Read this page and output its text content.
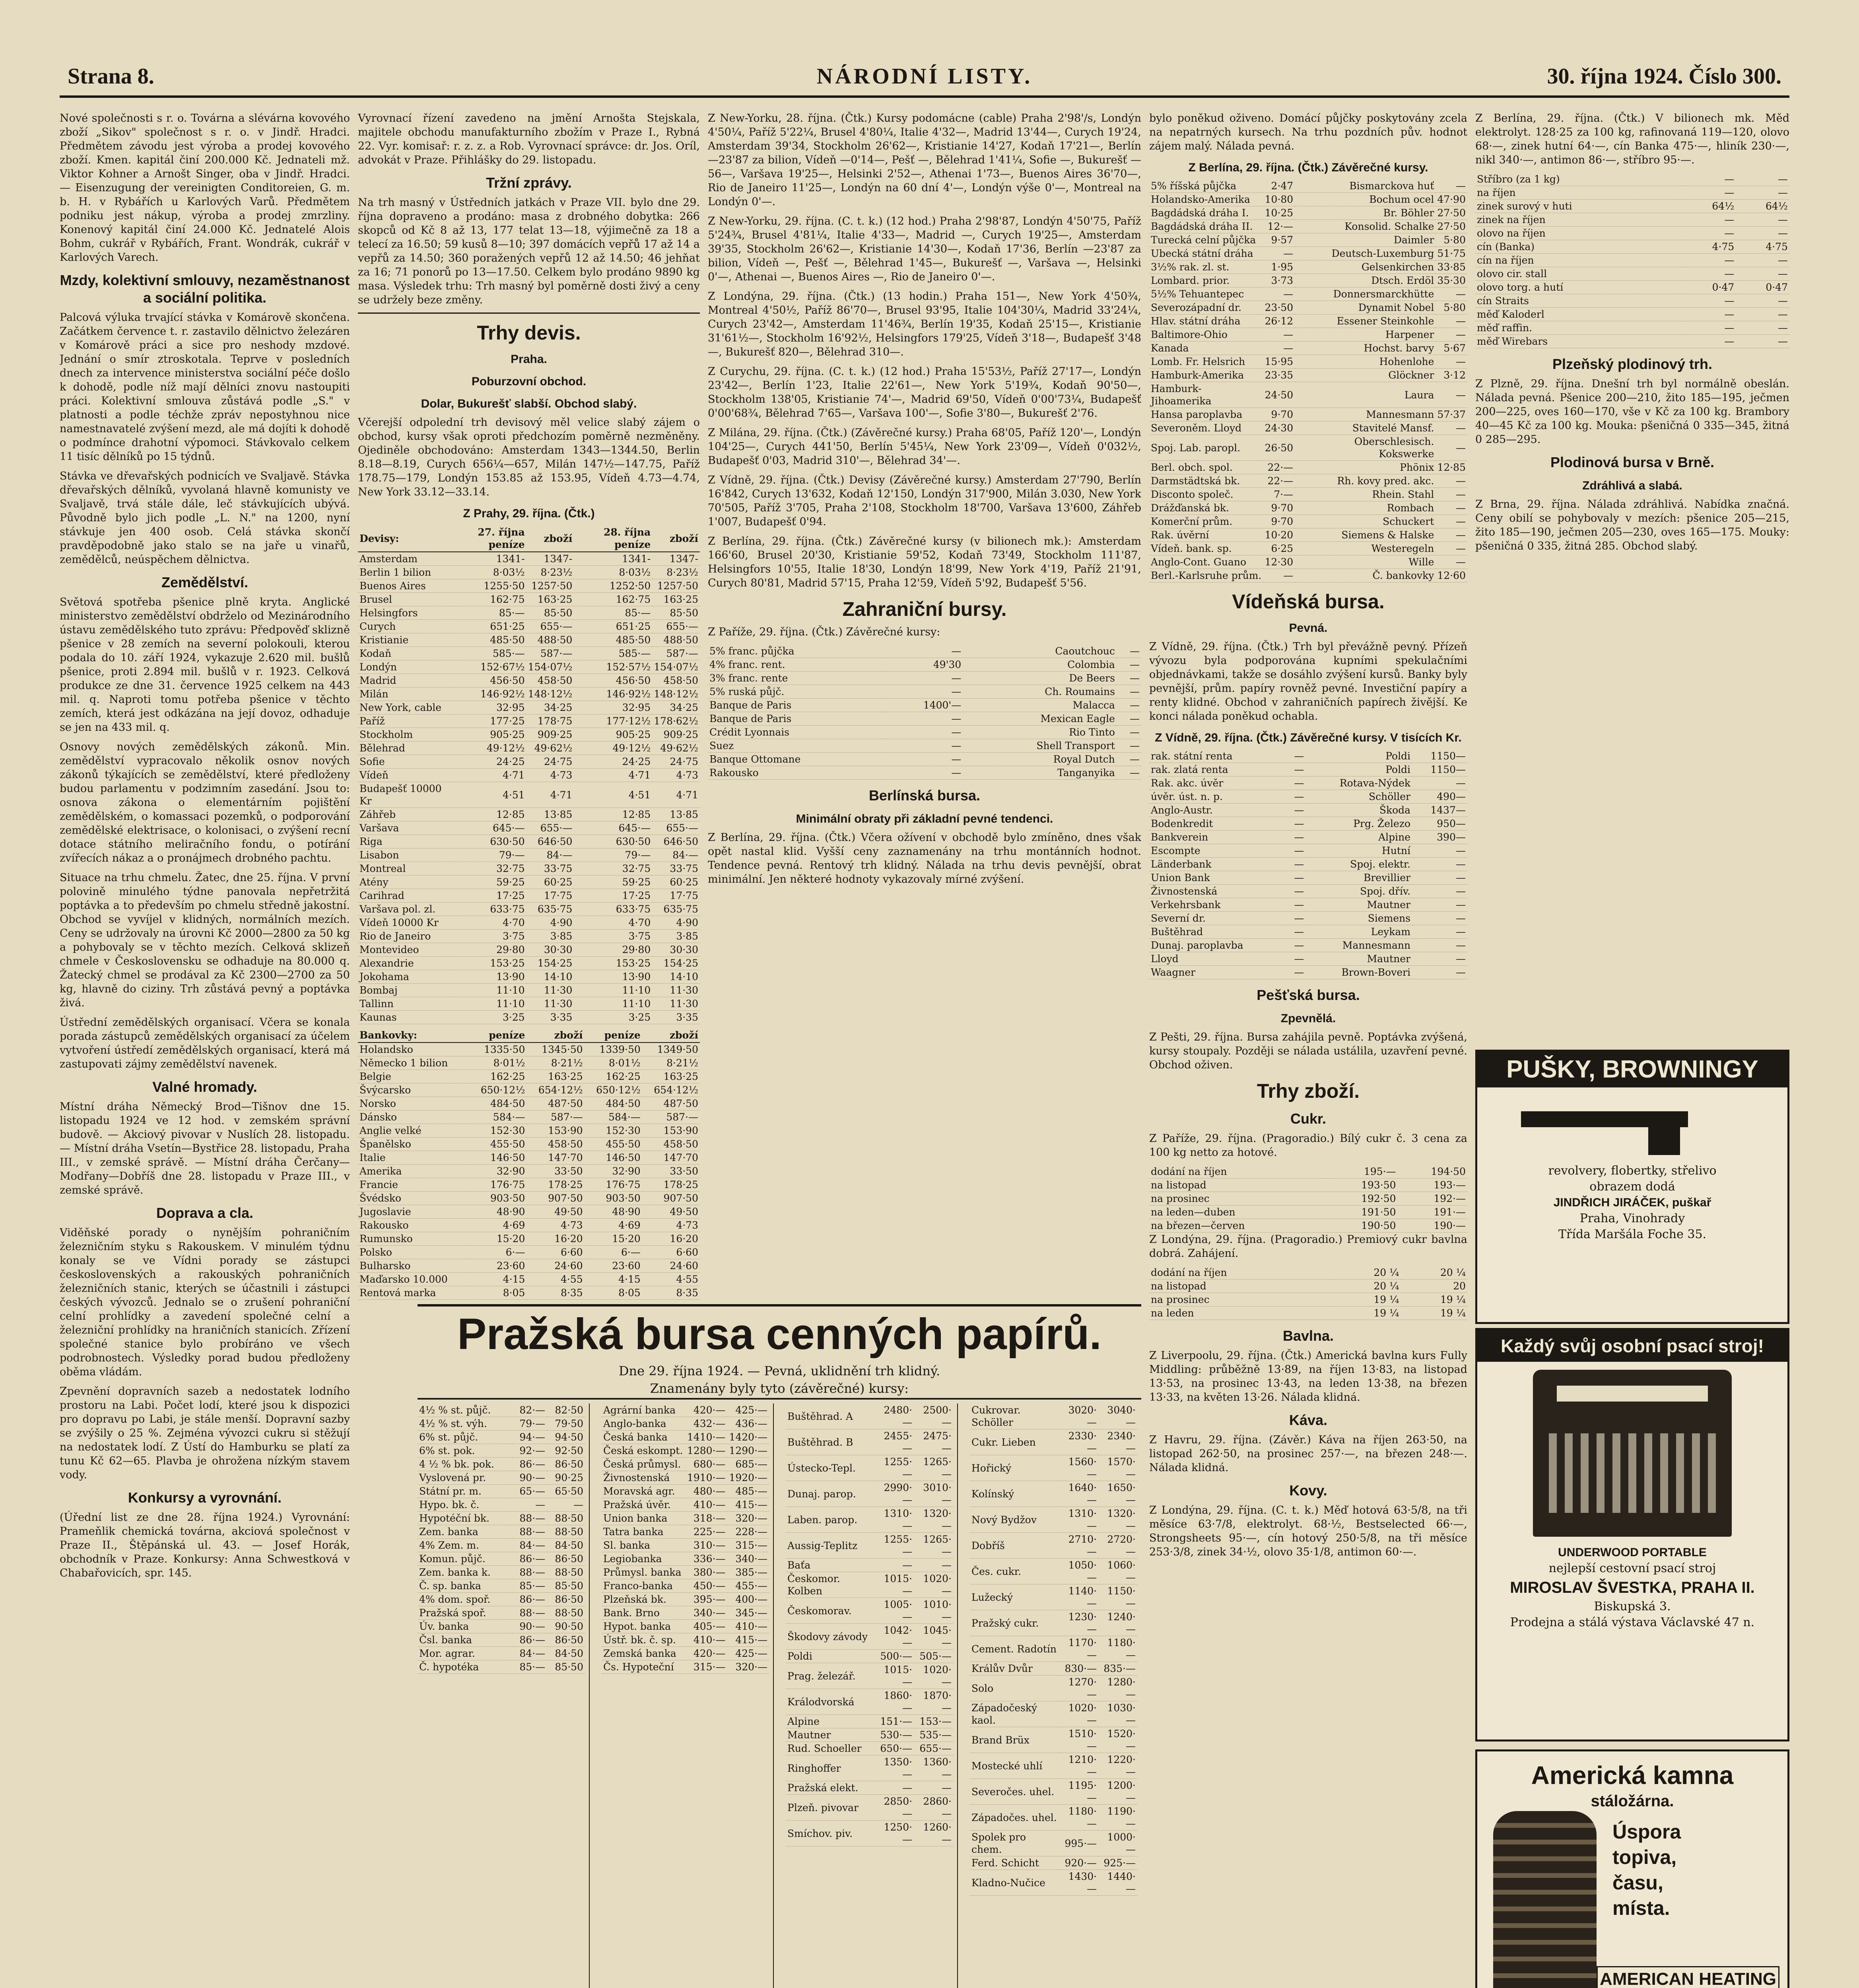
Strana 8.	NÁRODNÍ LISTY.	30. října 1924. Číslo 300.

Nové společnosti s r. o. Továrna a slévárna kovového zboží „Sikov" společnost s r. o. v Jindř. Hradci. Předmětem závodu jest výroba a prodej kovového zboží. Kmen. kapitál činí 200.000 Kč. Jednateli mž. Viktor Kohner a Arnošt Singer, oba v Jindř. Hradci. — Eisenzugung der vereinigten Conditoreien, G. m. b. H. v Rybářích u Karlových Varů. Předmětem podniku jest nákup, výroba a prodej zmrzliny. Konenový kapitál činí 24.000 Kč. Jednatelé Alois Bohm, cukrář v Rybářích, Frant. Wondrák, cukrář v Karlových Varech.

Mzdy, kolektivní smlouvy, nezaměstnanost a sociální politika.

Palcová výluka trvající stávka v Komárově skončena. Začátkem července t. r. zastavilo dělnictvo železáren v Komárově práci a sice pro neshody mzdové. Jednání o smír ztroskotala. Teprve v posledních dnech za intervence ministerstva sociální péče došlo k dohodě, podle níž mají dělníci znovu nastoupiti práci. Kolektivní smlouva zůstává podle „S." v platnosti a podle téchže zpráv nepostyhnou nice namestnavatelé zvýšení mezd, ale má dojíti k dohodě o podmínce drahotní výpomoci. Stávkovalo celkem 11 tisíc dělníků po 15 týdnů.

Stávka ve dřevařských podnicích ve Svaljavě. Stávka dřevařských dělníků, vyvolaná hlavně komunisty ve Svaljavě, trvá stále dále, leč stávkujících ubývá. Původně bylo jich podle „L. N." na 1200, nyní stávkuje jen 400 osob. Celá stávka skončí pravděpodobně jako stalo se na jaře u vinařů, zemědělců, neúspěchem dělnictva.

Zemědělství.

Světová spotřeba pšenice plně kryta. Anglické ministerstvo zemědělství obdrželo od Mezinárodního ústavu zemědělského tuto zprávu: Předpověď sklizně pšenice v 28 zemích na severní polokouli, kterou podala do 10. září 1924, vykazuje 2.620 mil. bušlů pšenice, proti 2.894 mil. bušlů v r. 1923. Celková produkce ze dne 31. července 1925 celkem na 443 mil. q. Naproti tomu potřeba pšenice v těchto zemích, která jest odkázána na její dovoz, odhaduje se jen na 433 mil. q.

Osnovy nových zemědělských zákonů. Min. zemědělství vypracovalo několik osnov nových zákonů týkajících se zemědělství, které předloženy budou parlamentu v podzimním zasedání. Jsou to: osnova zákona o elementárním pojištění zemědělském, o komassaci pozemků, o podporování zemědělské elektrisace, o kolonisaci, o zvýšení recní dotace státního meliračního fondu, o potírání zvířecích nákaz a o pronájmech drobného pachtu.

Situace na trhu chmelu. Žatec, dne 25. října. V první polovině minulého týdne panovala nepřetržitá poptávka a to především po chmelu středně jakostní. Obchod se vyvíjel v klidných, normálních mezích. Ceny se udržovaly na úrovni Kč 2000—2800 za 50 kg a pohybovaly se v těchto mezích. Celková sklizeň chmele v Československu se odhaduje na 80.000 q. Žatecký chmel se prodával za Kč 2300—2700 za 50 kg, hlavně do ciziny. Trh zůstává pevný a poptávka živá.

Ústřední zemědělských organisací. Včera se konala porada zástupců zemědělských organisací za účelem vytvoření ústředí zemědělských organisací, která má zastupovati zájmy zemědělství navenek.

Valné hromady.

Místní dráha Německý Brod—Tišnov dne 15. listopadu 1924 ve 12 hod. v zemském správní budově. — Akciový pivovar v Nuslích 28. listopadu. — Místní dráha Vsetín—Bystřice 28. listopadu, Praha III., v zemské správě. — Místní dráha Čerčany—Modřany—Dobříš dne 28. listopadu v Praze III., v zemské správě.

Doprava a cla.

Viděňské porady o nynějším pohraničním železničním styku s Rakouskem. V minulém týdnu konaly se ve Vídni porady se zástupci československých a rakouských pohraničních železničních stanic, kterých se účastnili i zástupci českých vývozců. Jednalo se o zrušení pohraniční celní prohlídky a zavedení společné celní a železniční prohlídky na hraničních stanicích. Zřízení společné stanice bylo probíráno ve všech podrobnostech. Výsledky porad budou předloženy oběma vládám.

Zpevnění dopravních sazeb a nedostatek lodního prostoru na Labi. Počet lodí, které jsou k dispozici pro dopravu po Labi, je stále menší. Dopravní sazby se zvýšily o 25 %. Zejména vývozci cukru si stěžují na nedostatek lodí. Z Ústí do Hamburku se platí za tunu Kč 62—65. Plavba je ohrožena nízkým stavem vody.

Konkursy a vyrovnání.

(Úřední list ze dne 28. října 1924.) Vyrovnání: Prameňlik chemická továrna, akciová společnost v Praze II., Štěpánská ul. 43. — Josef Horák, obchodník v Praze. Konkursy: Anna Schwestková v Chabařovicích, spr. 145.

Vyrovnací řízení zavedeno na jmění Arnošta Stejskala, majitele obchodu manufakturního zbožím v Praze I., Rybná 22. Vyr. komisař: r. z. z. a Rob. Vyrovnací správce: dr. Jos. Oríl, advokát v Praze. Přihlášky do 29. listopadu.

Tržní zprávy.

Na trh masný v Ústředních jatkách v Praze VII. bylo dne 29. října dopraveno a prodáno: masa z drobného dobytka: 266 skopců od Kč 8 až 13, 177 telat 13—18, výjimečně za 18 a telecí za 16.50; 59 kusů 8—10; 397 domácích vepřů 17 až 14 a vepřů za 14.50; 360 poražených vepřů 12 až 14.50; 46 jehňat za 16; 71 ponorů po 13—17.50. Celkem bylo prodáno 9890 kg masa. Výsledek trhu: Trh masný byl poměrně dosti živý a ceny se udržely beze změny.

Trhy devis.
Praha.
Poburzovní obchod.
Dolar, Bukurešť slabší. Obchod slabý.

Včerejší odpolední trh devisový měl velice slabý zájem o obchod, kursy však oproti předchozím poměrně nezměněny. Ojediněle obchodováno: Amsterdam 1343—1344.50, Berlin 8.18—8.19, Curych 656¼—657, Milán 147½—147.75, Paříž 178.75—179, Londýn 153.85 až 153.95, Vídeň 4.73—4.74, New York 33.12—33.14.

Z Prahy, 29. října. (Čtk.)
Devisy:	27. října peníze	zboží	28. října peníze	zboží
Amsterdam	1341-	1347-	1341-	1347-
Berlin 1 bilion	8·03½	8·23½	8·03½	8·23½
Buenos Aires	1255·50	1257·50	1252·50	1257·50
Brusel	162·75	163·25	162·75	163·25
Helsingfors	85·—	85·50	85·—	85·50
Curych	651·25	655·—	651·25	655·—
Kristianie	485·50	488·50	485·50	488·50
Kodaň	585·—	587·—	585·—	587·—
Londýn	152·67½	154·07½	152·57½	154·07½
Madrid	456·50	458·50	456·50	458·50
Milán	146·92½	148·12½	146·92½	148·12½
New York, cable	32·95	34·25	32·95	34·25
Paříž	177·25	178·75	177·12½	178·62½
Stockholm	905·25	909·25	905·25	909·25
Bělehrad	49·12½	49·62½	49·12½	49·62½
Sofie	24·25	24·75	24·25	24·75
Vídeň	4·71	4·73	4·71	4·73
Budapešť 10000 Kr	4·51	4·71	4·51	4·71
Záhřeb	12·85	13·85	12·85	13·85
Varšava	645·—	655·—	645·—	655·—
Riga	630·50	646·50	630·50	646·50
Lisabon	79·—	84·—	79·—	84·—
Montreal	32·75	33·75	32·75	33·75
Atény	59·25	60·25	59·25	60·25
Carihrad	17·25	17·75	17·25	17·75
Varšava pol. zl.	633·75	635·75	633·75	635·75
Vídeň 10000 Kr	4·70	4·90	4·70	4·90
Rio de Janeiro	3·75	3·85	3·75	3·85
Montevideo	29·80	30·30	29·80	30·30
Alexandrie	153·25	154·25	153·25	154·25
Jokohama	13·90	14·10	13·90	14·10
Bombaj	11·10	11·30	11·10	11·30
Tallinn	11·10	11·30	11·10	11·30
Kaunas	3·25	3·35	3·25	3·35
Bankovky:	peníze	zboží	peníze	zboží
Holandsko	1335·50	1345·50	1339·50	1349·50
Německo 1 bilion	8·01½	8·21½	8·01½	8·21½
Belgie	162·25	163·25	162·25	163·25
Švýcarsko	650·12½	654·12½	650·12½	654·12½
Norsko	484·50	487·50	484·50	487·50
Dánsko	584·—	587·—	584·—	587·—
Anglie velké	152·30	153·90	152·30	153·90
Španělsko	455·50	458·50	455·50	458·50
Italie	146·50	147·70	146·50	147·70
Amerika	32·90	33·50	32·90	33·50
Francie	176·75	178·25	176·75	178·25
Švédsko	903·50	907·50	903·50	907·50
Jugoslavie	48·90	49·50	48·90	49·50
Rakousko	4·69	4·73	4·69	4·73
Rumunsko	15·20	16·20	15·20	16·20
Polsko	6·—	6·60	6·—	6·60
Bulharsko	23·60	24·60	23·60	24·60
Maďarsko 10.000	4·15	4·55	4·15	4·55
Rentová marka	8·05	8·35	8·05	8·35

Z New-Yorku, 28. října. (Čtk.) Kursy podomácne (cable) Praha 2'98'/s, Londýn 4'50¼, Paříž 5'22¼, Brusel 4'80¼, Italie 4'32—, Madrid 13'44—, Curych 19'24, Amsterdam 39'34, Stockholm 26'62—, Kristianie 14'27, Kodaň 17'21—, Berlín —23'87 za bilion, Vídeň —0'14—, Pešť —, Bělehrad 1'41¼, Sofie —, Bukurešť —56—, Varšava 19'25—, Helsinki 2'52—, Athenai 1'73—, Buenos Aires 36'70—, Rio de Janeiro 11'25—, Londýn na 60 dní 4'—, Londýn výše 0'—, Montreal na Londýn 0'—.

Z New-Yorku, 29. října. (C. t. k.) (12 hod.) Praha 2'98'87, Londýn 4'50'75, Paříž 5'24¾, Brusel 4'81¼, Italie 4'33—, Madrid —, Curych 19'25—, Amsterdam 39'35, Stockholm 26'62—, Kristianie 14'30—, Kodaň 17'36, Berlín —23'87 za bilion, Vídeň —, Pešť —, Bělehrad 1'45—, Bukurešť —, Varšava —, Helsinki 0'—, Athenai —, Buenos Aires —, Rio de Janeiro 0'—.

Z Londýna, 29. října. (Čtk.) (13 hodin.) Praha 151—, New York 4'50¾, Montreal 4'50½, Paříž 86'70—, Brusel 93'95, Italie 104'30¼, Madrid 33'24¼, Curych 23'42—, Amsterdam 11'46¾, Berlín 19'35, Kodaň 25'15—, Kristianie 31'61½—, Stockholm 16'92½, Helsingfors 179'25, Vídeň 3'18—, Budapešť 3'48—, Bukurešť 820—, Bělehrad 310—.

Z Curychu, 29. října. (C. t. k.) (12 hod.) Praha 15'53½, Paříž 27'17—, Londýn 23'42—, Berlín 1'23, Italie 22'61—, New York 5'19¾, Kodaň 90'50—, Stockholm 138'05, Kristianie 74'—, Madrid 69'50, Vídeň 0'00'73¼, Budapešť 0'00'68¾, Bělehrad 7'65—, Varšava 100'—, Sofie 3'80—, Bukurešť 2'76.

Z Milána, 29. října. (Čtk.) (Závěrečné kursy.) Praha 68'05, Paříž 120'—, Londýn 104'25—, Curych 441'50, Berlín 5'45¼, New York 23'09—, Vídeň 0'032½, Budapešť 0'03, Madrid 310'—, Bělehrad 34'—.

Z Vídně, 29. října. (Čtk.) Devisy (Závěrečné kursy.) Amsterdam 27'790, Berlín 16'842, Curych 13'632, Kodaň 12'150, Londýn 317'900, Milán 3.030, New York 70'505, Paříž 3'705, Praha 2'108, Stockholm 18'700, Varšava 13'600, Záhřeb 1'007, Budapešť 0'94.

Z Berlína, 29. října. (Čtk.) Závěrečné kursy (v bilionech mk.): Amsterdam 166'60, Brusel 20'30, Kristianie 59'52, Kodaň 73'49, Stockholm 111'87, Helsingfors 10'55, Italie 18'30, Londýn 18'99, New York 4'19, Paříž 21'91, Curych 80'81, Madrid 57'15, Praha 12'59, Vídeň 5'92, Budapešť 5'56.

Zahraniční bursy.

Z Paříže, 29. října. (Čtk.) Závěrečné kursy:

5% franc. půjčka	—	Caoutchouc	—
4% franc. rent.	49'30	Colombia	—
3% franc. rente	—	De Beers	—
5% ruská půjč.	—	Ch. Roumains	—
Banque de Paris	1400'—	Malacca	—
Banque de Paris	—	Mexican Eagle	—
Crédit Lyonnais	—	Rio Tinto	—
Suez	—	Shell Transport	—
Banque Ottomane	—	Royal Dutch	—
Rakousko	—	Tanganyika	—
Berlínská bursa.
Minimální obraty při základní pevné tendenci.

Z Berlína, 29. října. (Čtk.) Včera ožívení v obchodě bylo zmíněno, dnes však opět nastal klid. Vyšší ceny zaznamenány na trhu montánních hodnot. Tendence pevná. Rentový trh klidný. Nálada na trhu devis pevnější, obrat minimální. Jen některé hodnoty vykazovaly mírné zvýšení.

Pražská bursa cenných papírů.
Dne 29. října 1924. — Pevná, uklidnění trh klidný.
Znamenány byly tyto (závěrečné) kursy:
4½ % st. půjč.	82·—	82·50
4½ % st. výh.	79·—	79·50
6% st. půjč.	94·—	94·50
6% st. pok.	92·—	92·50
4 ½ % bk. pok.	86·—	86·50
Vyslovená pr.	90·—	90·25
Státní pr. m.	65·—	65·50
Hypo. bk. č.	—	—
Hypotéční bk.	88·—	88·50
Zem. banka	88·—	88·50
4% Zem. m.	84·—	84·50
Komun. půjč.	86·—	86·50
Zem. banka k.	88·—	88·50
Č. sp. banka	85·—	85·50
4% dom. spoř.	86·—	86·50
Pražská spoř.	88·—	88·50
Úv. banka	90·—	90·50
Čsl. banka	86·—	86·50
Mor. agrar.	84·—	84·50
Č. hypotéka	85·—	85·50
Agrární banka	420·—	425·—
Anglo-banka	432·—	436·—
Česká banka	1410·—	1420·—
Česká eskompt.	1280·—	1290·—
Česká průmysl.	680·—	685·—
Živnostenská	1910·—	1920·—
Moravská agr.	480·—	485·—
Pražská úvěr.	410·—	415·—
Union banka	318·—	320·—
Tatra banka	225·—	228·—
Sl. banka	310·—	315·—
Legiobanka	336·—	340·—
Průmysl. banka	380·—	385·—
Franco-banka	450·—	455·—
Plzeňská bk.	395·—	400·—
Bank. Brno	340·—	345·—
Hypot. banka	405·—	410·—
Ústř. bk. č. sp.	410·—	415·—
Zemská banka	420·—	425·—
Čs. Hypoteční	315·—	320·—
Buštěhrad. A	2480·—	2500·—
Buštěhrad. B	2455·—	2475·—
Ústecko-Tepl.	1255·—	1265·—
Dunaj. parop.	2990·—	3010·—
Laben. parop.	1310·—	1320·—
Aussig-Teplitz	1255·—	1265·—
Baťa	—	—
Českomor. Kolben	1015·—	1020·—
Českomorav.	1005·—	1010·—
Škodovy závody	1042·—	1045·—
Poldi	500·—	505·—
Prag. železář.	1015·—	1020·—
Králodvorská	1860·—	1870·—
Alpine	151·—	153·—
Mautner	530·—	535·—
Rud. Schoeller	650·—	655·—
Ringhoffer	1350·—	1360·—
Pražská elekt.	—	—
Plzeň. pivovar	2850·—	2860·—
Smíchov. piv.	1250·—	1260·—
Cukrovar. Schöller	3020·—	3040·—
Cukr. Lieben	2330·—	2340·—
Hořický	1560·—	1570·—
Kolínský	1640·—	1650·—
Nový Bydžov	1310·—	1320·—
Dobříš	2710·—	2720·—
Čes. cukr.	1050·—	1060·—
Lužecký	1140·—	1150·—
Pražský cukr.	1230·—	1240·—
Cement. Radotín	1170·—	1180·—
Králův Dvůr	830·—	835·—
Solo	1270·—	1280·—
Západočeský kaol.	1020·—	1030·—
Brand Brüx	1510·—	1520·—
Mostecké uhlí	1210·—	1220·—
Severočes. uhel.	1195·—	1200·—
Západočes. uhel.	1180·—	1190·—
Spolek pro chem.	995·—	1000·—
Ferd. Schicht	920·—	925·—
Kladno-Nučice	1430·—	1440·—

bylo poněkud oživeno. Domácí půjčky poskytovány zcela na nepatrných kursech. Na trhu pozdních pův. hodnot zájem malý. Nálada pevná.

Z Berlína, 29. října. (Čtk.) Závěrečné kursy.
5% říšská půjčka	2·47	Bismarckova huť	—
Holandsko-Amerika	10·80	Bochum ocel	47·90
Bagdádská dráha I.	10·25	Br. Böhler	27·50
Bagdádská dráha II.	12·—	Konsolid. Schalke	27·50
Turecká celní půjčka	9·57	Daimler	5·80
Ubecká státní dráha	—	Deutsch-Luxemburg	51·75
3½% rak. zl. st.	1·95	Gelsenkirchen	33·85
Lombard. prior.	3·73	Dtsch. Erdöl	35·30
5½% Tehuantepec	—	Donnersmarckhütte	—
Severozápadní dr.	23·50	Dynamit Nobel	5·80
Hlav. státní dráha	26·12	Essener Steinkohle	—
Baltimore-Ohio	—	Harpener	—
Kanada	—	Hochst. barvy	5·67
Lomb. Fr. Helsrich	15·95	Hohenlohe	—
Hamburk-Amerika	23·35	Glöckner	3·12
Hamburk-Jihoamerika	24·50	Laura	—
Hansa paroplavba	9·70	Mannesmann	57·37
Severoněm. Lloyd	24·30	Stavitelé Mansf.	—
Spoj. Lab. paropl.	26·50	Oberschlesisch. Kokswerke	—
Berl. obch. spol.	22·—	Phönix	12·85
Darmstädtská bk.	22·—	Rh. kovy pred. akc.	—
Disconto společ.	7·—	Rhein. Stahl	—
Drážďanská bk.	9·70	Rombach	—
Komerční prům.	9·70	Schuckert	—
Rak. úvěrní	10·20	Siemens & Halske	—
Vídeň. bank. sp.	6·25	Westeregeln	—
Anglo-Cont. Guano	12·30	Wille	—
Berl.-Karlsruhe prům.	—	Č. bankovky	12·60
Vídeňská bursa.
Pevná.

Z Vídně, 29. října. (Čtk.) Trh byl převážně pevný. Přízeň vývozu byla podporována kupními spekulačními objednávkami, takže se dosáhlo zvýšení kursů. Banky byly pevnější, prům. papíry rovněž pevné. Investiční papíry a renty klidné. Obchod v zahraničních papírech živější. Ke konci nálada poněkud ochabla.

Z Vídně, 29. října. (Čtk.) Závěrečné kursy. V tisících Kr.
rak. státní renta	—	Poldi	1150—
rak. zlatá renta	—	Poldi	1150—
Rak. akc. úvěr	—	Rotava-Nýdek	—
úvěr. úst. n. p.	—	Schöller	490—
Anglo-Austr.	—	Škoda	1437—
Bodenkredit	—	Prg. Železo	950—
Bankverein	—	Alpine	390—
Escompte	—	Hutní	—
Länderbank	—	Spoj. elektr.	—
Union Bank	—	Brevillier	—
Živnostenská	—	Spoj. dřív.	—
Verkehrsbank	—	Mautner	—
Severní dr.	—	Siemens	—
Buštěhrad	—	Leykam	—
Dunaj. paroplavba	—	Mannesmann	—
Lloyd	—	Mautner	—
Waagner	—	Brown-Boveri	—
Pešťská bursa.
Zpevnělá.

Z Pešti, 29. října. Bursa zahájila pevně. Poptávka zvýšená, kursy stoupaly. Později se nálada ustálila, uzavření pevné. Obchod oživen.

Trhy zboží.
Cukr.

Z Paříže, 29. října. (Pragoradio.) Bílý cukr č. 3 cena za 100 kg netto za hotové.

dodání na říjen	195·—	194·50
na listopad	193·50	193·—
na prosinec	192·50	192·—
na leden—duben	191·50	191·—
na březen—červen	190·50	190·—

Z Londýna, 29. října. (Pragoradio.) Premiový cukr bavlna dobrá. Zahájení.

dodání na říjen	20 ¼	20 ¼
na listopad	20 ¼	20
na prosinec	19 ¼	19 ¼
na leden	19 ¼	19 ¼
Bavlna.

Z Liverpoolu, 29. října. (Čtk.) Americká bavlna kurs Fully Middling: průběžně 13·89, na říjen 13·83, na listopad 13·53, na prosinec 13·43, na leden 13·38, na březen 13·33, na květen 13·26. Nálada klidná.

Káva.

Z Havru, 29. října. (Závěr.) Káva na říjen 263·50, na listopad 262·50, na prosinec 257·—, na březen 248·—. Nálada klidná.

Kovy.

Z Londýna, 29. října. (C. t. k.) Měď hotová 63·5/8, na tři měsíce 63·7/8, elektrolyt. 68·½, Bestselected 66·—, Strongsheets 95·—, cín hotový 250·5/8, na tři měsíce 253·3/8, zinek 34·½, olovo 35·1/8, antimon 60·—.

Z Berlína, 29. října. (Čtk.) V bilionech mk. Měď elektrolyt. 128·25 za 100 kg, rafinovaná 119—120, olovo 68·—, zinek hutní 64·—, cín Banka 475·—, hliník 230·—, nikl 340·—, antimon 86·—, stříbro 95·—.

Stříbro (za 1 kg)	—	—
na říjen	—	—
zinek surový v huti	64½	64½
zinek na říjen	—	—
olovo na říjen	—	—
cín (Banka)	4·75	4·75
cín na říjen	—	—
olovo cir. stall	—	—
olovo torg. a hutí	0·47	0·47
cín Straits	—	—
měď Kaloderl	—	—
měď raffin.	—	—
měď Wirebars	—	—
Plzeňský plodinový trh.

Z Plzně, 29. října. Dnešní trh byl normálně obeslán. Nálada pevná. Pšenice 200—210, žito 185—195, ječmen 200—225, oves 160—170, vše v Kč za 100 kg. Brambory 40—45 Kč za 100 kg. Mouka: pšeničná 0 335—345, žitná 0 285—295.

Plodinová bursa v Brně.
Zdráhlivá a slabá.

Z Brna, 29. října. Nálada zdráhlivá. Nabídka značná. Ceny obilí se pohybovaly v mezích: pšenice 205—215, žito 185—190, ječmen 205—230, oves 165—175. Mouky: pšeničná 0 335, žitná 285. Obchod slabý.

PUŠKY, BROWNINGY
revolvery, flobertky, střelivo
obrazem dodá
JINDŘICH JIRÁČEK, puškař
Praha, Vinohrady
Třída Maršála Foche 35.
Každý svůj osobní psací stroj!
UNDERWOOD PORTABLE
nejlepší cestovní psací stroj
MIROSLAV ŠVESTKA, PRAHA II.
Biskupská 3.
Prodejna a stálá výstava Václavské 47 n.
Americká kamna
stáložárna.
Úspora
topiva,
času,
místa.
AMERICAN HEATING
